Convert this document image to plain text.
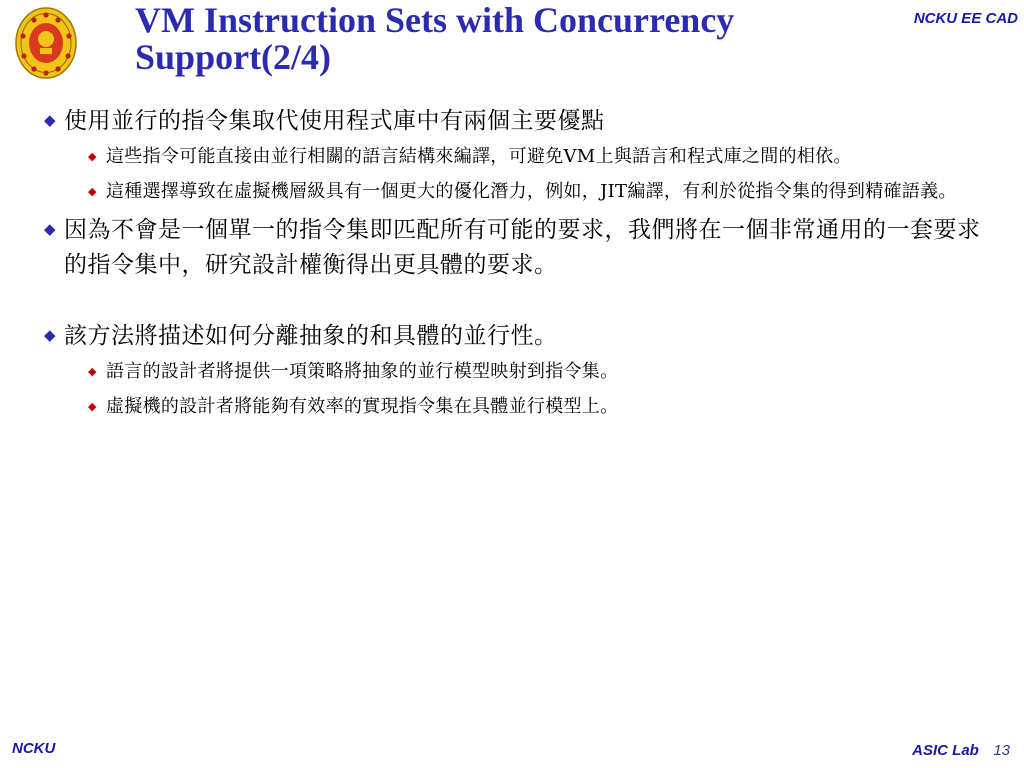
VM Instruction Sets with Concurrency
Support(2/4)
NCKU EE CAD
◆ 使用並行的指令集取代使用程式庫中有兩個主要優點
◆ 這些指令可能直接由並行相關的語言結構來編譯，可避免VM上與語言和程式庫之間的相依。
◆ 這種選擇導致在虛擬機層級具有一個更大的優化潛力，例如，JIT編譯，有利於從指令集的得到精確語義。
◆ 因為不會是一個單一的指令集即匹配所有可能的要求，我們將在一個非常通用的一套要求的指令集中，研究設計權衡得出更具體的要求。
◆ 該方法將描述如何分離抽象的和具體的並行性。
◆ 語言的設計者將提供一項策略將抽象的並行模型映射到指令集。
◆ 虛擬機的設計者將能夠有效率的實現指令集在具體並行模型上。
NCKU	ASIC Lab 13
